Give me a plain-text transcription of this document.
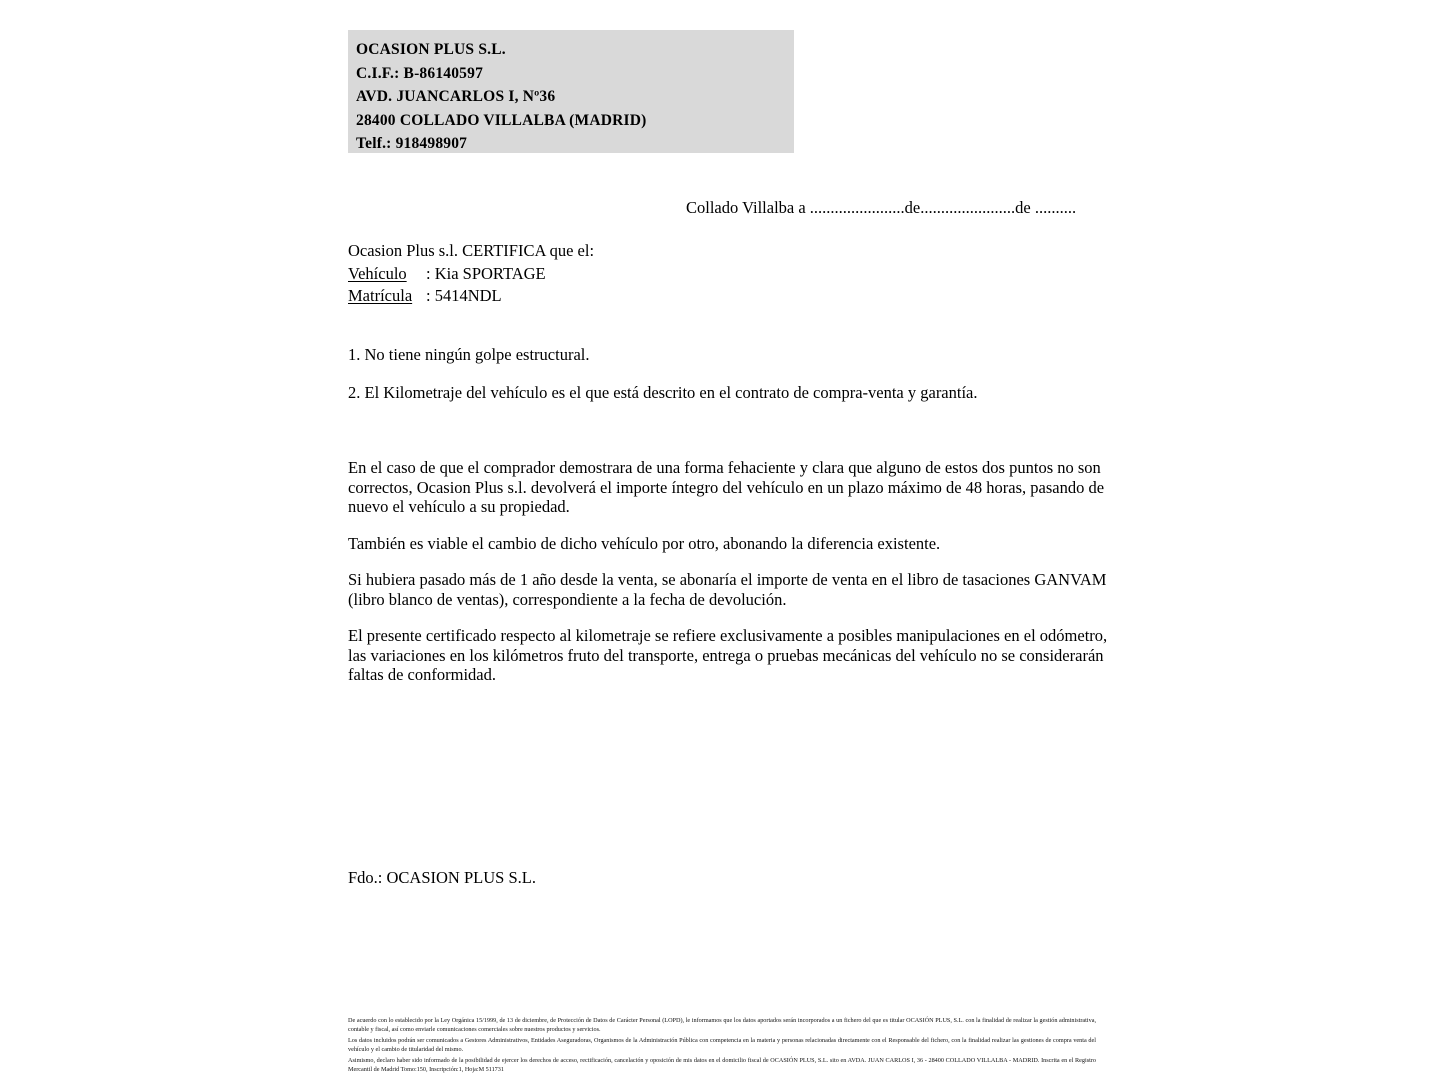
OCASION PLUS S.L.
C.I.F.: B-86140597
AVD. JUANCARLOS I, Nº36
28400 COLLADO VILLALBA (MADRID)
Telf.: 918498907
Collado Villalba a .......................de.......................de ..........
Ocasion Plus s.l. CERTIFICA que el:
Vehículo : Kia SPORTAGE
Matrícula : 5414NDL
1. No tiene ningún golpe estructural.
2. El Kilometraje del vehículo es el que está descrito en el contrato de compra-venta y garantía.
En el caso de que el comprador demostrara de una forma fehaciente y clara que alguno de estos dos puntos no son correctos, Ocasion Plus s.l. devolverá el importe íntegro del vehículo en un plazo máximo de 48 horas, pasando de nuevo el vehículo a su propiedad.
También es viable el cambio de dicho vehículo por otro, abonando la diferencia existente.
Si hubiera pasado más de 1 año desde la venta, se abonaría el importe de venta en el libro de tasaciones GANVAM (libro blanco de ventas), correspondiente a la fecha de devolución.
El presente certificado respecto al kilometraje se refiere exclusivamente a posibles manipulaciones en el odómetro, las variaciones en los kilómetros fruto del transporte, entrega o pruebas mecánicas del vehículo no se considerarán faltas de conformidad.
Fdo.: OCASION PLUS S.L.

De acuerdo con lo establecido por la Ley Orgánica 15/1999, de 13 de diciembre, de Protección de Datos de Carácter Personal (LOPD), le informamos que los datos aportados serán incorporados a un fichero del que es titular OCASIÓN PLUS, S.L. con la finalidad de realizar la gestión administrativa, contable y fiscal, así como enviarle comunicaciones comerciales sobre nuestros productos y servicios.

Los datos incluidos podrán ser comunicados a Gestores Administrativos, Entidades Aseguradoras, Organismos de la Administración Pública con competencia en la materia y personas relacionadas directamente con el Responsable del fichero, con la finalidad realizar las gestiones de compra venta del vehículo y el cambio de titularidad del mismo.

Asimismo, declaro haber sido informado de la posibilidad de ejercer los derechos de acceso, rectificación, cancelación y oposición de mis datos en el domicilio fiscal de OCASIÓN PLUS, S.L. sito en AVDA. JUAN CARLOS I, 36 - 28400 COLLADO VILLALBA - MADRID. Inscrita en el Registro Mercantil de Madrid Tomo:150, Inscripción:1, Hoja:M 511731
